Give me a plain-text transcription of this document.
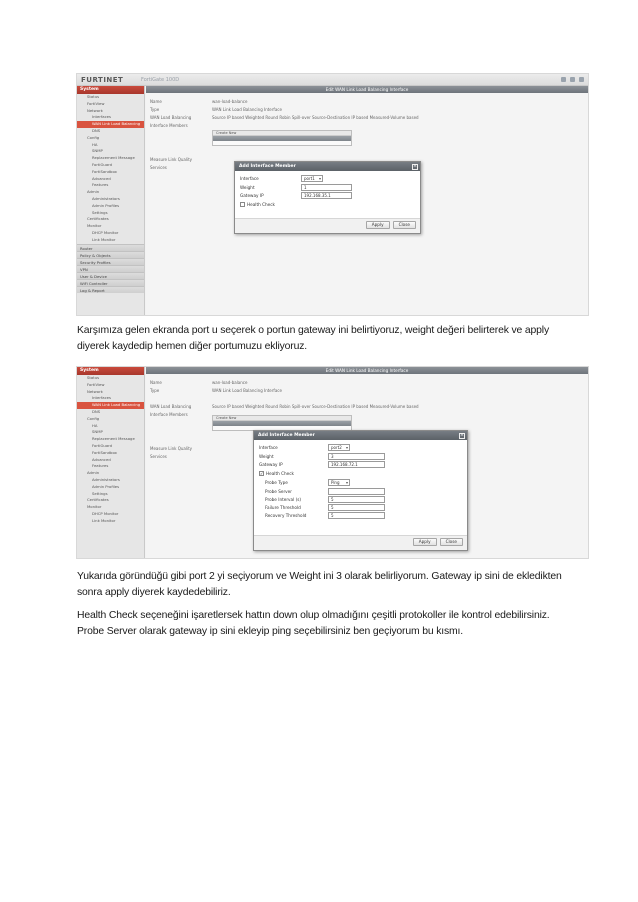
FURTINET	FortiGate 100D
System
Status
FortiView
Network
Interfaces
WAN Link Load Balancing
DNS
Config
HA
SNMP
Replacement Message
FortiGuard
FortiSandbox
Advanced
Features
Admin
Administrators
Admin Profiles
Settings
Certificates
Monitor
DHCP Monitor
Link Monitor
Router
Policy & Objects
Security Profiles
VPN
User & Device
WiFi Controller
Log & Report
Edit WAN Link Load Balancing Interface
Name	wan-load-balance
Type	WAN Link Load Balancing Interface
WAN Load Balancing	Source IP based Weighted Round Robin Spill-over Source-Destination IP based Measured-Volume based
Interface Members
Create New
Measure Link Quality
Services	Add Interface Member	×
Interface	port1 ▾
Weight	1
Gateway IP	192.168.35.1
Health Check
Apply	Close

Karşımıza gelen ekranda port u seçerek o portun gateway ini belirtiyoruz, weight değeri belirterek ve apply diyerek kaydedip hemen diğer portumuzu ekliyoruz.

System
Status
FortiView
Network
Interfaces
WAN Link Load Balancing
DNS
Config
HA
SNMP
Replacement Message
FortiGuard
FortiSandbox
Advanced
Features
Admin
Administrators
Admin Profiles
Settings
Certificates
Monitor
DHCP Monitor
Link Monitor
Edit WAN Link Load Balancing Interface
Name	wan-load-balance
Type	WAN Link Load Balancing Interface
WAN Load Balancing	Source IP based Weighted Round Robin Spill-over Source-Destination IP based Measured-Volume based
Interface Members
Create New
Measure Link Quality
Services
Add Interface Member	×
Interface	port2 ▾
Weight	3
Gateway IP	192.168.72.1
✓ Health Check
Probe Type	Ping ▾
Probe Server
Probe Interval (s)	5
Failure Threshold	5
Recovery Threshold	5
Apply	Close

Yukarıda göründüğü gibi port 2 yi seçiyorum ve Weight ini 3 olarak belirliyorum. Gateway ip sini de ekledikten sonra apply diyerek kaydedebiliriz.

Health Check seçeneğini işaretlersek hattın down olup olmadığını çeşitli protokoller ile kontrol edebilirsiniz. Probe Server olarak gateway ip sini ekleyip ping seçebilirsiniz ben geçiyorum bu kısmı.
